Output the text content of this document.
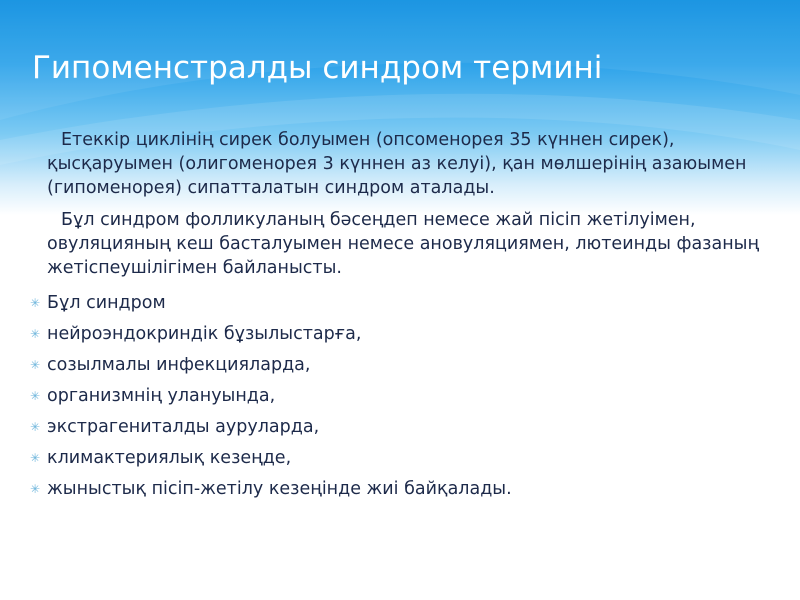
Гипоменстралды синдром термині

Етеккір циклінің сирек болуымен (опсоменорея 35 күннен сирек), қысқаруымен (олигоменорея 3 күннен аз келуі), қан мөлшерінің азаюымен (гипоменорея) сипатталатын синдром аталады.

Бұл синдром фолликуланың бәсеңдеп немесе жай пісіп жетілуімен, овуляцияның кеш басталуымен немесе ановуляциямен, лютеинды фазаның жетіспеушілігімен байланысты.

✳ Бұл синдром
✳ нейроэндокриндік бұзылыстарға,
✳ созылмалы инфекцияларда,
✳ организмнің улануында,
✳ экстрагениталды ауруларда,
✳ климактериялық кезеңде,
✳ жыныстық пісіп-жетілу кезеңінде жиі байқалады.
